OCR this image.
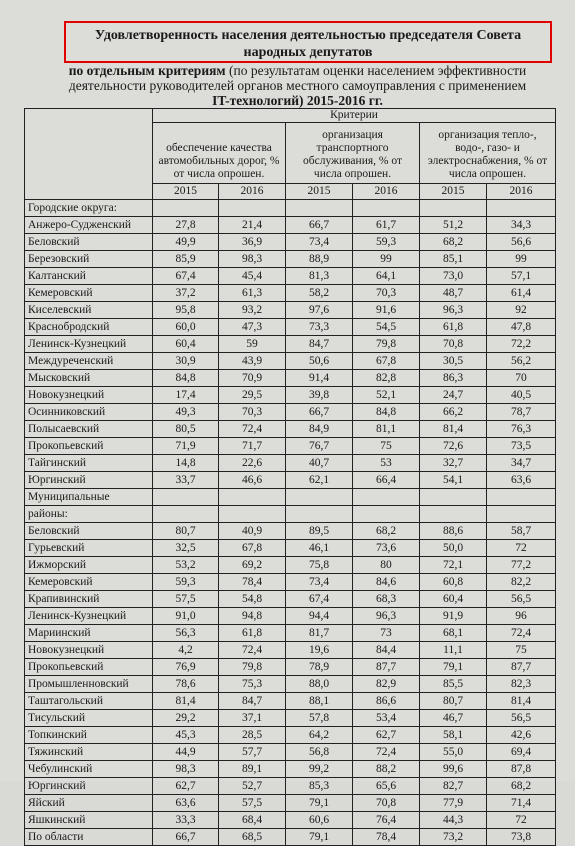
Удовлетворенность населения деятельностью председателя Совета народных депутатов
по отдельным критериям (по результатам оценки населением эффективности деятельности руководителей органов местного самоуправления с применением IT-технологий) 2015-2016 гг.
	Критерии					
	обеспечение качества автомобильных дорог, % от числа опрошен.		организация транспортного обслуживания, % от числа опрошен.		организация тепло-, водо-, газо- и электроснабжения, % от числа опрошен.	
	2015	2016	2015	2016	2015	2016
Городские округа:						
Анжеро-Судженский	27,8	21,4	66,7	61,7	51,2	34,3
Беловский	49,9	36,9	73,4	59,3	68,2	56,6
Березовский	85,9	98,3	88,9	99	85,1	99
Калтанский	67,4	45,4	81,3	64,1	73,0	57,1
Кемеровский	37,2	61,3	58,2	70,3	48,7	61,4
Киселевский	95,8	93,2	97,6	91,6	96,3	92
Краснобродский	60,0	47,3	73,3	54,5	61,8	47,8
Ленинск-Кузнецкий	60,4	59	84,7	79,8	70,8	72,2
Междуреченский	30,9	43,9	50,6	67,8	30,5	56,2
Мысковский	84,8	70,9	91,4	82,8	86,3	70
Новокузнецкий	17,4	29,5	39,8	52,1	24,7	40,5
Осинниковский	49,3	70,3	66,7	84,8	66,2	78,7
Полысаевский	80,5	72,4	84,9	81,1	81,4	76,3
Прокопьевский	71,9	71,7	76,7	75	72,6	73,5
Тайгинский	14,8	22,6	40,7	53	32,7	34,7
Юргинский	33,7	46,6	62,1	66,4	54,1	63,6
Муниципальные						
районы:						
Беловский	80,7	40,9	89,5	68,2	88,6	58,7
Гурьевский	32,5	67,8	46,1	73,6	50,0	72
Ижморский	53,2	69,2	75,8	80	72,1	77,2
Кемеровский	59,3	78,4	73,4	84,6	60,8	82,2
Крапивинский	57,5	54,8	67,4	68,3	60,4	56,5
Ленинск-Кузнецкий	91,0	94,8	94,4	96,3	91,9	96
Мариинский	56,3	61,8	81,7	73	68,1	72,4
Новокузнецкий	4,2	72,4	19,6	84,4	11,1	75
Прокопьевский	76,9	79,8	78,9	87,7	79,1	87,7
Промышленновский	78,6	75,3	88,0	82,9	85,5	82,3
Таштагольский	81,4	84,7	88,1	86,6	80,7	81,4
Тисульский	29,2	37,1	57,8	53,4	46,7	56,5
Топкинский	45,3	28,5	64,2	62,7	58,1	42,6
Тяжинский	44,9	57,7	56,8	72,4	55,0	69,4
Чебулинский	98,3	89,1	99,2	88,2	99,6	87,8
Юргинский	62,7	52,7	85,3	65,6	82,7	68,2
Яйский	63,6	57,5	79,1	70,8	77,9	71,4
Яшкинский	33,3	68,4	60,6	76,4	44,3	72
По области	66,7	68,5	79,1	78,4	73,2	73,8
